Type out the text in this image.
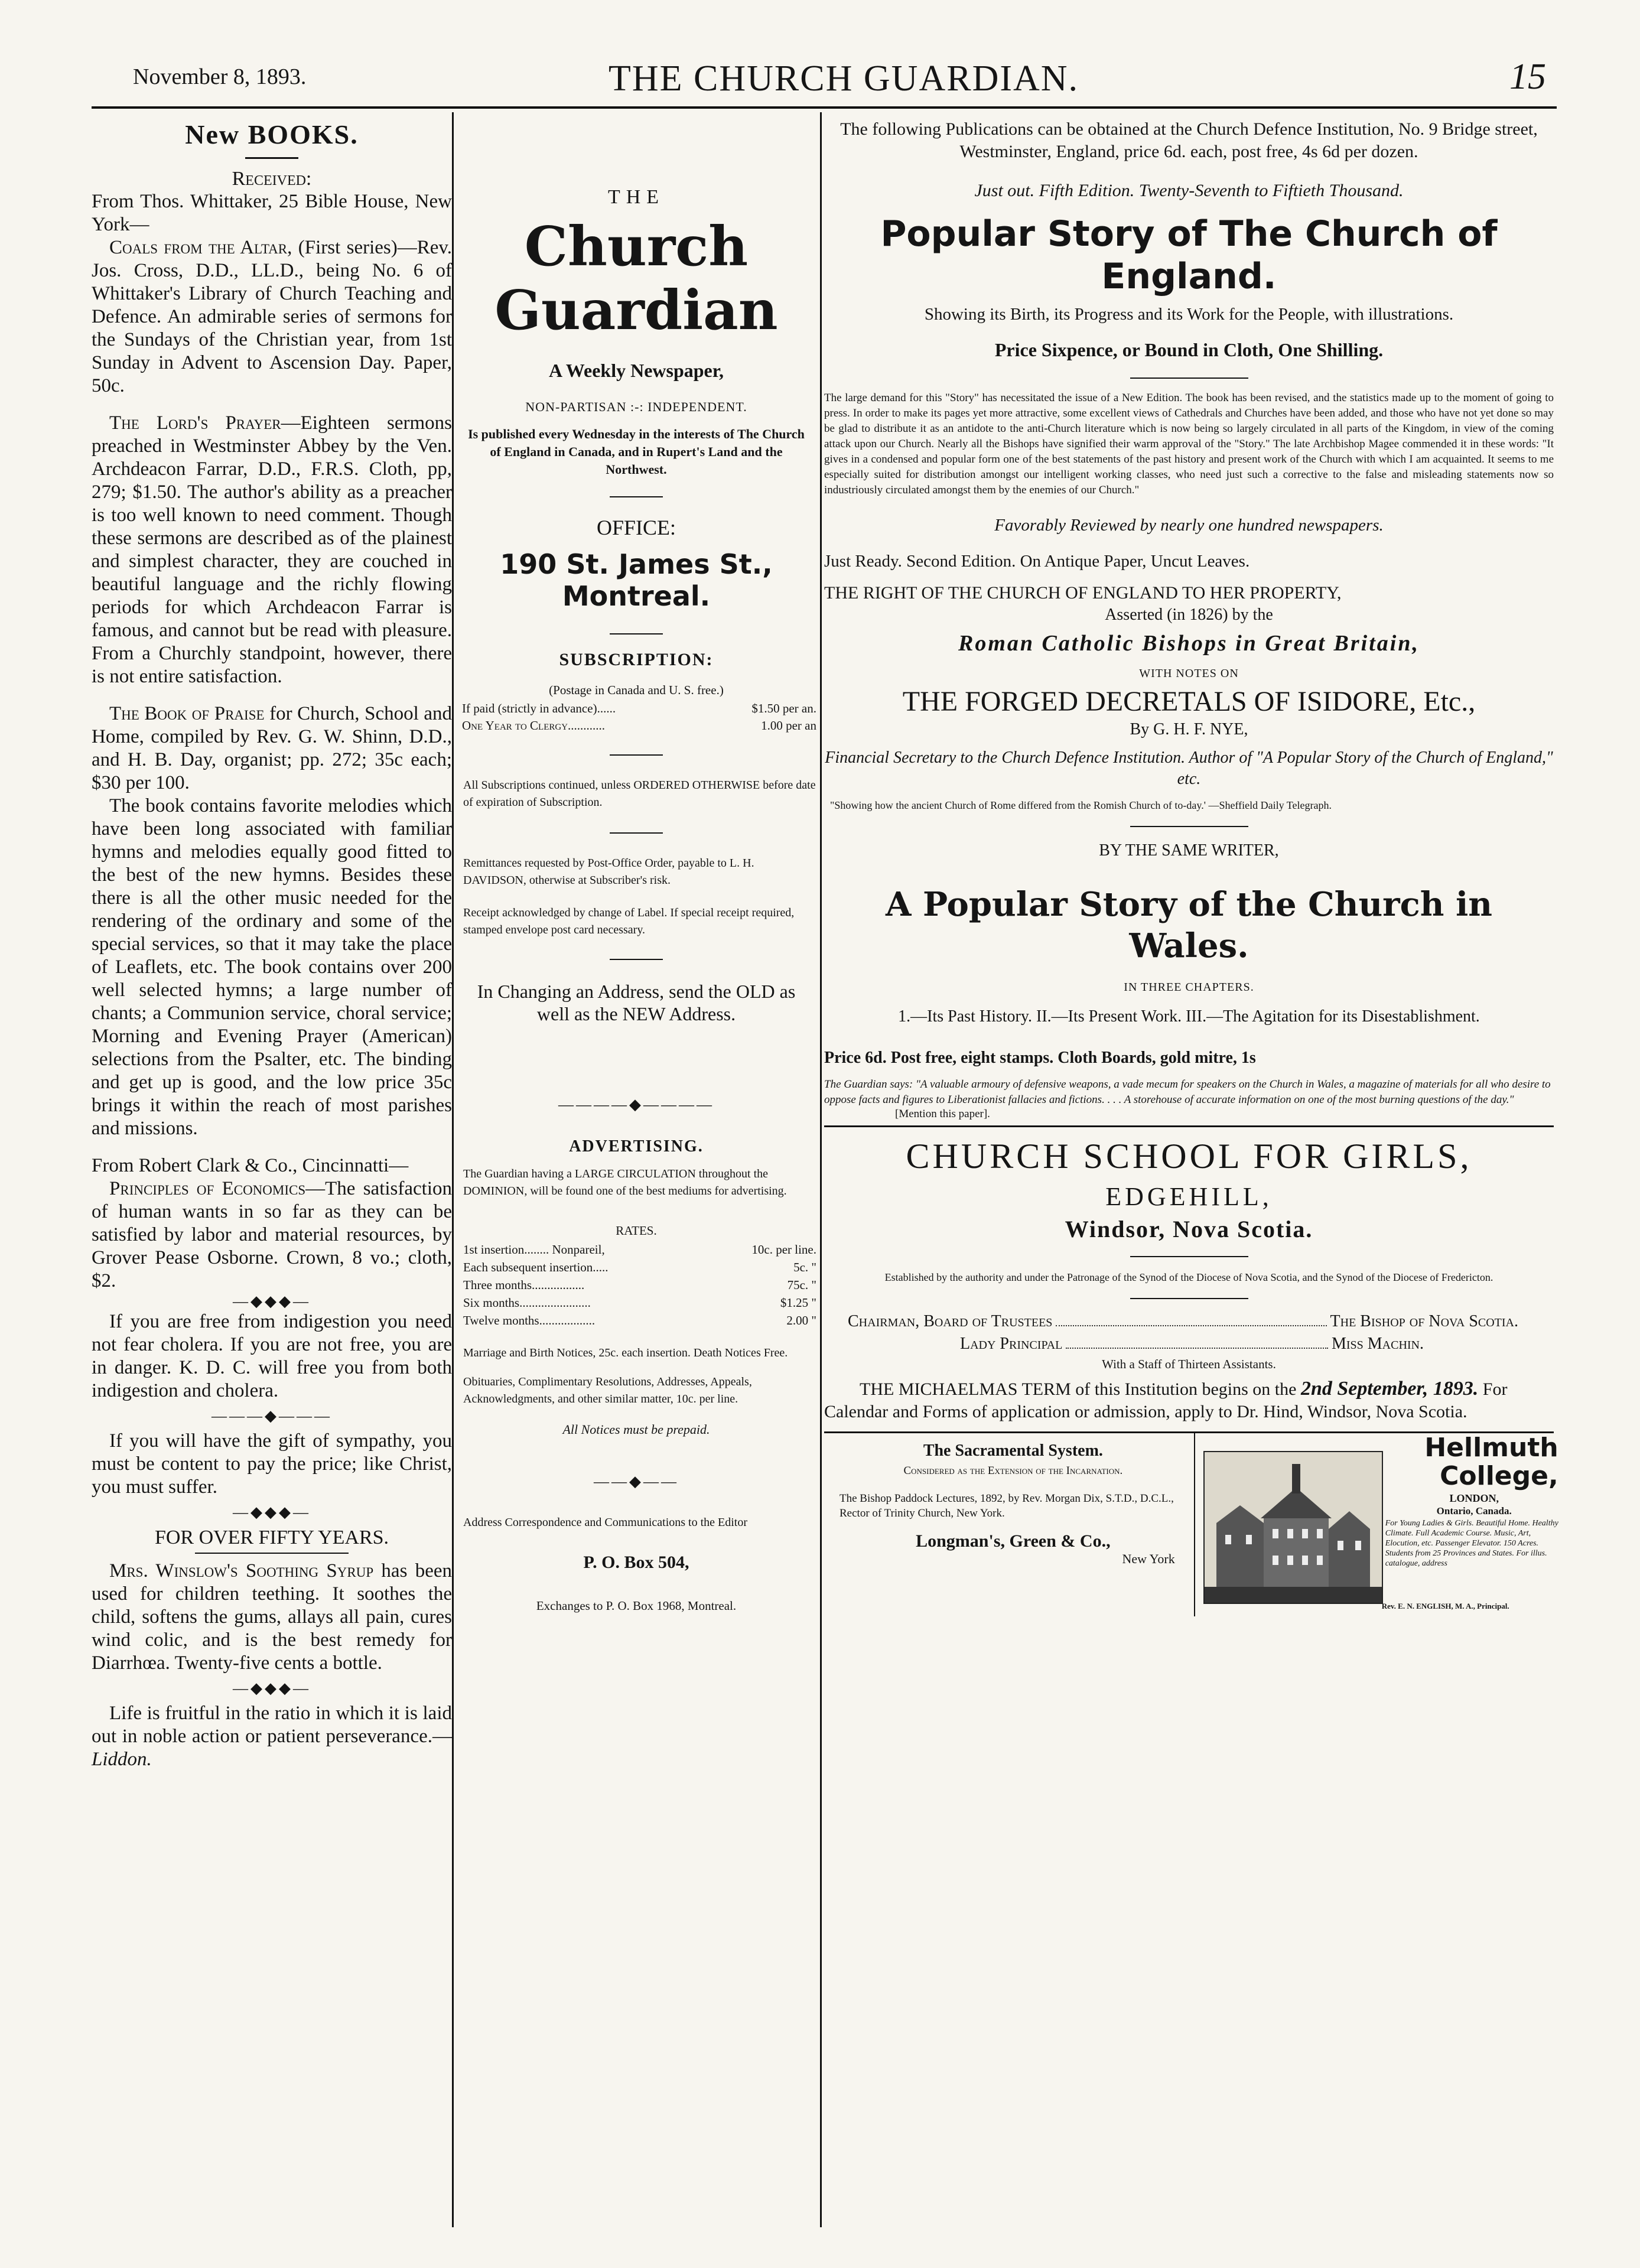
November 8, 1893.	THE CHURCH GUARDIAN.	15
New BOOKS.

Received:

From Thos. Whittaker, 25 Bible House, New York—

Coals from the Altar, (First series)—Rev. Jos. Cross, D.D., LL.D., being No. 6 of Whittaker's Library of Church Teaching and Defence. An admirable series of sermons for the Sundays of the Christian year, from 1st Sunday in Advent to Ascension Day. Paper, 50c.

The Lord's Prayer—Eighteen sermons preached in Westminster Abbey by the Ven. Archdeacon Farrar, D.D., F.R.S. Cloth, pp, 279; $1.50. The author's ability as a preacher is too well known to need comment. Though these sermons are described as of the plainest and simplest character, they are couched in beautiful language and the richly flowing periods for which Archdeacon Farrar is famous, and cannot but be read with pleasure. From a Churchly standpoint, however, there is not entire satisfaction.

The Book of Praise for Church, School and Home, compiled by Rev. G. W. Shinn, D.D., and H. B. Day, organist; pp. 272; 35c each; $30 per 100.

The book contains favorite melodies which have been long associated with familiar hymns and melodies equally good fitted to the best of the new hymns. Besides these there is all the other music needed for the rendering of the ordinary and some of the special services, so that it may take the place of Leaflets, etc. The book contains over 200 well selected hymns; a large number of chants; a Communion service, choral service; Morning and Evening Prayer (American) selections from the Psalter, etc. The binding and get up is good, and the low price 35c brings it within the reach of most parishes and missions.

From Robert Clark & Co., Cincinnatti—

Principles of Economics—The satisfaction of human wants in so far as they can be satisfied by labor and material resources, by Grover Pease Osborne. Crown, 8 vo.; cloth, $2.

—◆◆◆—

If you are free from indigestion you need not fear cholera. If you are not free, you are in danger. K. D. C. will free you from both indigestion and cholera.

———◆———

If you will have the gift of sympathy, you must be content to pay the price; like Christ, you must suffer.

—◆◆◆—

FOR OVER FIFTY YEARS.

Mrs. Winslow's Soothing Syrup has been used for children teething. It soothes the child, softens the gums, allays all pain, cures wind colic, and is the best remedy for Diarrhœa. Twenty-five cents a bottle.

—◆◆◆—

Life is fruitful in the ratio in which it is laid out in noble action or patient perseverance.—Liddon.

THE
Church Guardian
A Weekly Newspaper,
NON-PARTISAN :-: INDEPENDENT.
Is published every Wednesday in the interests of The Church of England in Canada, and in Rupert's Land and the Northwest.
OFFICE:
190 St. James St., Montreal.
SUBSCRIPTION:
(Postage in Canada and U. S. free.)
If paid (strictly in advance)......	$1.50 per an.
One Year to Clergy............	1.00 per an
All Subscriptions continued, unless ORDERED OTHERWISE before date of expiration of Subscription.
Remittances requested by Post-Office Order, payable to L. H. DAVIDSON, otherwise at Subscriber's risk.
Receipt acknowledged by change of Label. If special receipt required, stamped envelope post card necessary.
In Changing an Address, send the OLD as well as the NEW Address.
————◆————
ADVERTISING.
The Guardian having a LARGE CIRCULATION throughout the DOMINION, will be found one of the best mediums for advertising.
RATES.
1st insertion........ Nonpareil,	10c. per line.
Each subsequent insertion.....	5c. "
Three months.................	75c. "
Six months.......................	$1.25 "
Twelve months..................	2.00 "
Marriage and Birth Notices, 25c. each insertion. Death Notices Free.
Obituaries, Complimentary Resolutions, Addresses, Appeals, Acknowledgments, and other similar matter, 10c. per line.
All Notices must be prepaid.
——◆——
Address Correspondence and Communications to the Editor
P. O. Box 504,
Exchanges to P. O. Box 1968, Montreal.
The following Publications can be obtained at the Church Defence Institution, No. 9 Bridge street, Westminster, England, price 6d. each, post free, 4s 6d per dozen.
Just out. Fifth Edition. Twenty-Seventh to Fiftieth Thousand.
Popular Story of The Church of England.
Showing its Birth, its Progress and its Work for the People, with illustrations.
Price Sixpence, or Bound in Cloth, One Shilling.
The large demand for this "Story" has necessitated the issue of a New Edition. The book has been revised, and the statistics made up to the moment of going to press. In order to make its pages yet more attractive, some excellent views of Cathedrals and Churches have been added, and those who have not yet done so may be glad to distribute it as an antidote to the anti-Church literature which is now being so largely circulated in all parts of the Kingdom, in view of the coming attack upon our Church. Nearly all the Bishops have signified their warm approval of the "Story." The late Archbishop Magee commended it in these words: "It gives in a condensed and popular form one of the best statements of the past history and present work of the Church with which I am acquainted. It seems to me especially suited for distribution amongst our intelligent working classes, who need just such a corrective to the false and misleading statements now so industriously circulated amongst them by the enemies of our Church."
Favorably Reviewed by nearly one hundred newspapers.
Just Ready. Second Edition. On Antique Paper, Uncut Leaves.
THE RIGHT OF THE CHURCH OF ENGLAND TO HER PROPERTY,
Asserted (in 1826) by the
Roman Catholic Bishops in Great Britain,
WITH NOTES ON
THE FORGED DECRETALS OF ISIDORE, Etc.,
By G. H. F. NYE,
Financial Secretary to the Church Defence Institution. Author of "A Popular Story of the Church of England," etc.
"Showing how the ancient Church of Rome differed from the Romish Church of to-day.' —Sheffield Daily Telegraph.
BY THE SAME WRITER,
A Popular Story of the Church in Wales.
IN THREE CHAPTERS.
1.—Its Past History. II.—Its Present Work. III.—The Agitation for its Disestablishment.
Price 6d. Post free, eight stamps. Cloth Boards, gold mitre, 1s
The Guardian says: "A valuable armoury of defensive weapons, a vade mecum for speakers on the Church in Wales, a magazine of materials for all who desire to oppose facts and figures to Liberationist fallacies and fictions. . . . A storehouse of accurate information on one of the most burning questions of the day."
[Mention this paper].
CHURCH SCHOOL FOR GIRLS,
EDGEHILL,
Windsor, Nova Scotia.
Established by the authority and under the Patronage of the Synod of the Diocese of Nova Scotia, and the Synod of the Diocese of Fredericton.
Chairman, Board of Trustees	The Bishop of Nova Scotia.
Lady Principal	Miss Machin.
With a Staff of Thirteen Assistants.
THE MICHAELMAS TERM of this Institution begins on the 2nd September, 1893. For Calendar and Forms of application or admission, apply to Dr. Hind, Windsor, Nova Scotia.
The Sacramental System.
Considered as the Extension of the Incarnation.
The Bishop Paddock Lectures, 1892, by Rev. Morgan Dix, S.T.D., D.C.L., Rector of Trinity Church, New York.
Longman's, Green & Co.,
New York
Hellmuth
College,
LONDON,
Ontario, Canada.
For Young Ladies & Girls. Beautiful Home. Healthy Climate. Full Academic Course. Music, Art, Elocution, etc. Passenger Elevator. 150 Acres. Students from 25 Provinces and States. For illus. catalogue, address
Rev. E. N. ENGLISH, M. A., Principal.
